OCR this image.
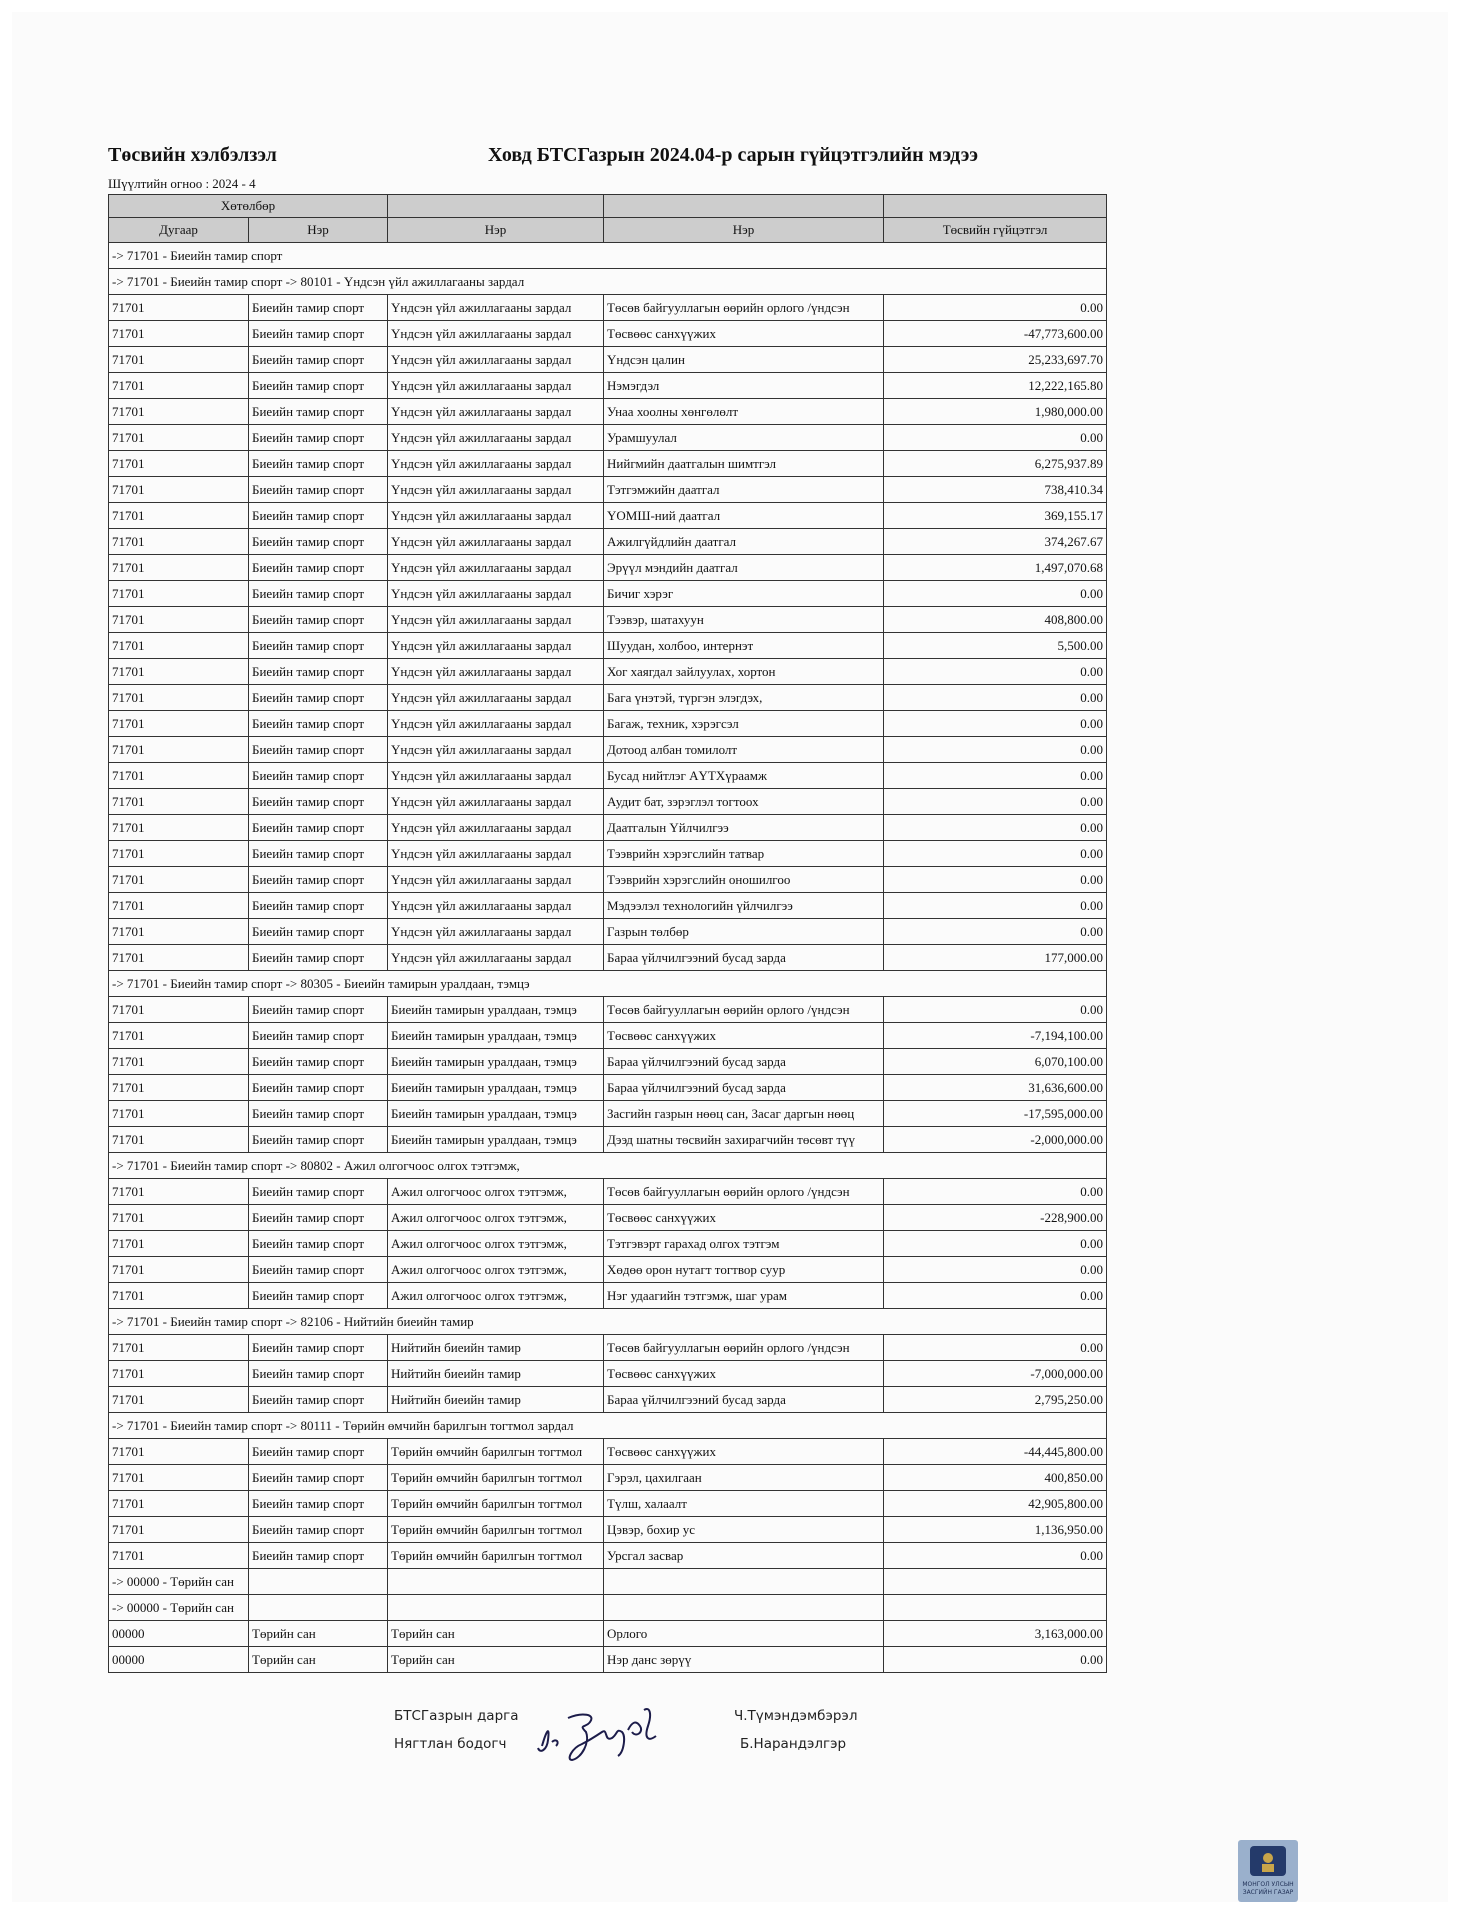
Төсвийн хэлбэлзэл	Ховд БТСГазрын 2024.04-р сарын гүйцэтгэлийн мэдээ
Шүүлтийн огноо : 2024 - 4
Хөтөлбөр				
Дугаар	Нэр	Нэр	Нэр	Төсвийн гүйцэтгэл
-> 71701 - Биеийн тамир спорт				
-> 71701 - Биеийн тамир спорт -> 80101 - Үндсэн үйл ажиллагааны зардал				
71701	Биеийн тамир спорт	Үндсэн үйл ажиллагааны зардал	Төсөв байгууллагын өөрийн орлого /үндсэн	0.00
71701	Биеийн тамир спорт	Үндсэн үйл ажиллагааны зардал	Төсвөөс санхүүжих	-47,773,600.00
71701	Биеийн тамир спорт	Үндсэн үйл ажиллагааны зардал	Үндсэн цалин	25,233,697.70
71701	Биеийн тамир спорт	Үндсэн үйл ажиллагааны зардал	Нэмэгдэл	12,222,165.80
71701	Биеийн тамир спорт	Үндсэн үйл ажиллагааны зардал	Унаа хоолны хөнгөлөлт	1,980,000.00
71701	Биеийн тамир спорт	Үндсэн үйл ажиллагааны зардал	Урамшуулал	0.00
71701	Биеийн тамир спорт	Үндсэн үйл ажиллагааны зардал	Нийгмийн даатгалын шимтгэл	6,275,937.89
71701	Биеийн тамир спорт	Үндсэн үйл ажиллагааны зардал	Тэтгэмжийн даатгал	738,410.34
71701	Биеийн тамир спорт	Үндсэн үйл ажиллагааны зардал	ҮОМШ-ний даатгал	369,155.17
71701	Биеийн тамир спорт	Үндсэн үйл ажиллагааны зардал	Ажилгүйдлийн даатгал	374,267.67
71701	Биеийн тамир спорт	Үндсэн үйл ажиллагааны зардал	Эрүүл мэндийн даатгал	1,497,070.68
71701	Биеийн тамир спорт	Үндсэн үйл ажиллагааны зардал	Бичиг хэрэг	0.00
71701	Биеийн тамир спорт	Үндсэн үйл ажиллагааны зардал	Тээвэр, шатахуун	408,800.00
71701	Биеийн тамир спорт	Үндсэн үйл ажиллагааны зардал	Шуудан, холбоо, интернэт	5,500.00
71701	Биеийн тамир спорт	Үндсэн үйл ажиллагааны зардал	Хог хаягдал зайлуулах, хортон	0.00
71701	Биеийн тамир спорт	Үндсэн үйл ажиллагааны зардал	Бага үнэтэй, түргэн элэгдэх,	0.00
71701	Биеийн тамир спорт	Үндсэн үйл ажиллагааны зардал	Багаж, техник, хэрэгсэл	0.00
71701	Биеийн тамир спорт	Үндсэн үйл ажиллагааны зардал	Дотоод албан томилолт	0.00
71701	Биеийн тамир спорт	Үндсэн үйл ажиллагааны зардал	Бусад нийтлэг АҮТХүраамж	0.00
71701	Биеийн тамир спорт	Үндсэн үйл ажиллагааны зардал	Аудит бат, зэрэглэл тогтоох	0.00
71701	Биеийн тамир спорт	Үндсэн үйл ажиллагааны зардал	Даатгалын Үйлчилгээ	0.00
71701	Биеийн тамир спорт	Үндсэн үйл ажиллагааны зардал	Тээврийн хэрэгслийн татвар	0.00
71701	Биеийн тамир спорт	Үндсэн үйл ажиллагааны зардал	Тээврийн хэрэгслийн оношилгоо	0.00
71701	Биеийн тамир спорт	Үндсэн үйл ажиллагааны зардал	Мэдээлэл технологийн үйлчилгээ	0.00
71701	Биеийн тамир спорт	Үндсэн үйл ажиллагааны зардал	Газрын төлбөр	0.00
71701	Биеийн тамир спорт	Үндсэн үйл ажиллагааны зардал	Бараа үйлчилгээний бусад зарда	177,000.00
-> 71701 - Биеийн тамир спорт -> 80305 - Биеийн тамирын уралдаан, тэмцэ				
71701	Биеийн тамир спорт	Биеийн тамирын уралдаан, тэмцэ	Төсөв байгууллагын өөрийн орлого /үндсэн	0.00
71701	Биеийн тамир спорт	Биеийн тамирын уралдаан, тэмцэ	Төсвөөс санхүүжих	-7,194,100.00
71701	Биеийн тамир спорт	Биеийн тамирын уралдаан, тэмцэ	Бараа үйлчилгээний бусад зарда	6,070,100.00
71701	Биеийн тамир спорт	Биеийн тамирын уралдаан, тэмцэ	Бараа үйлчилгээний бусад зарда	31,636,600.00
71701	Биеийн тамир спорт	Биеийн тамирын уралдаан, тэмцэ	Засгийн газрын нөөц сан, Засаг даргын нөөц	-17,595,000.00
71701	Биеийн тамир спорт	Биеийн тамирын уралдаан, тэмцэ	Дээд шатны төсвийн захирагчийн төсөвт түү	-2,000,000.00
-> 71701 - Биеийн тамир спорт -> 80802 - Ажил олгогчоос олгох тэтгэмж,				
71701	Биеийн тамир спорт	Ажил олгогчоос олгох тэтгэмж,	Төсөв байгууллагын өөрийн орлого /үндсэн	0.00
71701	Биеийн тамир спорт	Ажил олгогчоос олгох тэтгэмж,	Төсвөөс санхүүжих	-228,900.00
71701	Биеийн тамир спорт	Ажил олгогчоос олгох тэтгэмж,	Тэтгэвэрт гарахад олгох тэтгэм	0.00
71701	Биеийн тамир спорт	Ажил олгогчоос олгох тэтгэмж,	Хөдөө орон нутагт тогтвор суур	0.00
71701	Биеийн тамир спорт	Ажил олгогчоос олгох тэтгэмж,	Нэг удаагийн тэтгэмж, шаг урам	0.00
-> 71701 - Биеийн тамир спорт -> 82106 - Нийтийн биеийн тамир				
71701	Биеийн тамир спорт	Нийтийн биеийн тамир	Төсөв байгууллагын өөрийн орлого /үндсэн	0.00
71701	Биеийн тамир спорт	Нийтийн биеийн тамир	Төсвөөс санхүүжих	-7,000,000.00
71701	Биеийн тамир спорт	Нийтийн биеийн тамир	Бараа үйлчилгээний бусад зарда	2,795,250.00
-> 71701 - Биеийн тамир спорт -> 80111 - Төрийн өмчийн барилгын тогтмол зардал				
71701	Биеийн тамир спорт	Төрийн өмчийн барилгын тогтмол	Төсвөөс санхүүжих	-44,445,800.00
71701	Биеийн тамир спорт	Төрийн өмчийн барилгын тогтмол	Гэрэл, цахилгаан	400,850.00
71701	Биеийн тамир спорт	Төрийн өмчийн барилгын тогтмол	Түлш, халаалт	42,905,800.00
71701	Биеийн тамир спорт	Төрийн өмчийн барилгын тогтмол	Цэвэр, бохир ус	1,136,950.00
71701	Биеийн тамир спорт	Төрийн өмчийн барилгын тогтмол	Урсгал засвар	0.00
-> 00000 - Төрийн сан				
-> 00000 - Төрийн сан				
00000	Төрийн сан	Төрийн сан	Орлого	3,163,000.00
00000	Төрийн сан	Төрийн сан	Нэр данс зөрүү	0.00
БТСГазрын дарга
Нягтлан бодогч
Ч.Түмэндэмбэрэл
Б.Нарандэлгэр
МОНГОЛ УЛСЫН
ЗАСГИЙН ГАЗАР
